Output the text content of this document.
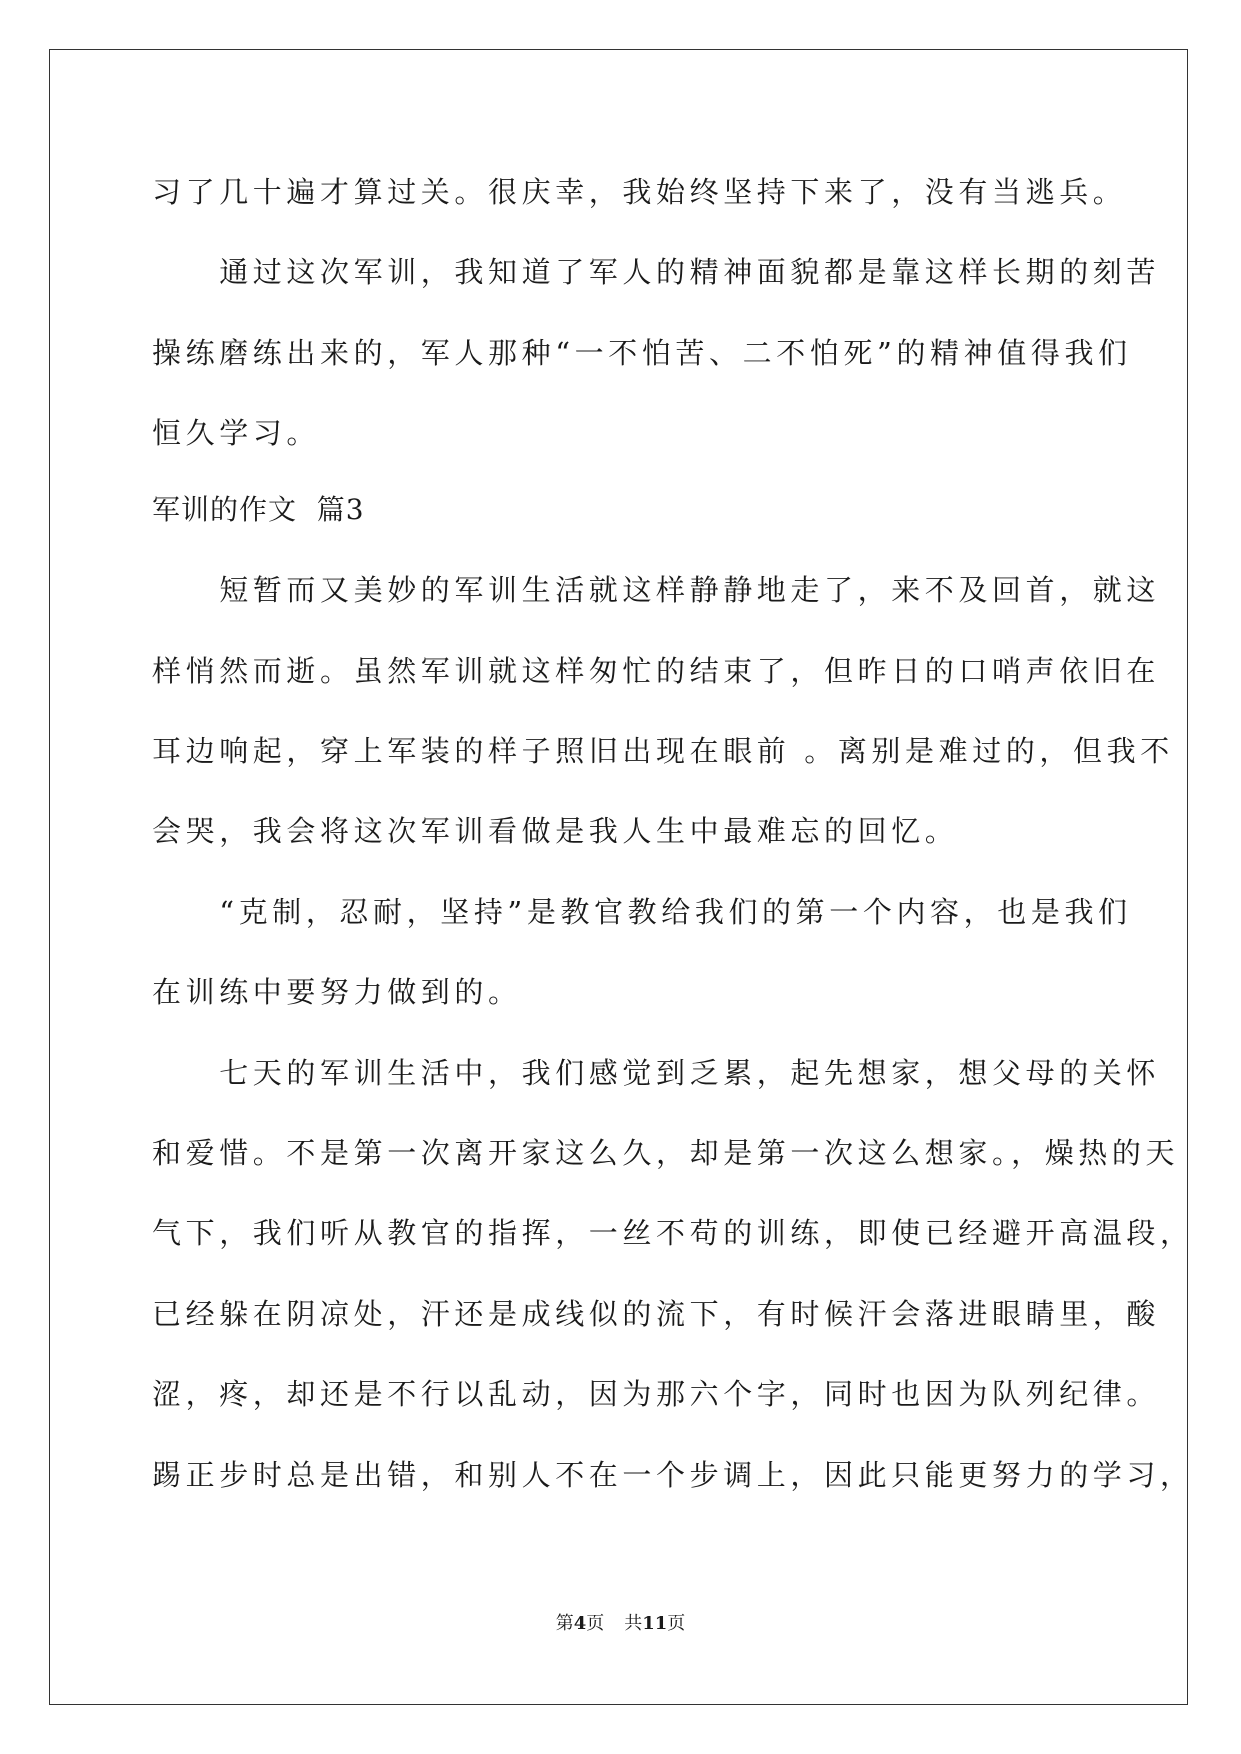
习了几十遍才算过关。很庆幸，我始终坚持下来了，没有当逃兵。
　　通过这次军训，我知道了军人的精神面貌都是靠这样长期的刻苦
操练磨练出来的，军人那种“一不怕苦、二不怕死”的精神值得我们
恒久学习。
军训的作文  篇3
　　短暂而又美妙的军训生活就这样静静地走了，来不及回首，就这
样悄然而逝。虽然军训就这样匆忙的结束了，但昨日的口哨声依旧在
耳边响起，穿上军装的样子照旧出现在眼前 。离别是难过的，但我不
会哭，我会将这次军训看做是我人生中最难忘的回忆。
　　“克制，忍耐，坚持”是教官教给我们的第一个内容，也是我们
在训练中要努力做到的。
　　七天的军训生活中，我们感觉到乏累，起先想家，想父母的关怀
和爱惜。不是第一次离开家这么久，却是第一次这么想家。，燥热的天
气下，我们听从教官的指挥，一丝不苟的训练，即使已经避开高温段，
已经躲在阴凉处，汗还是成线似的流下，有时候汗会落进眼睛里，酸
涩，疼，却还是不行以乱动，因为那六个字，同时也因为队列纪律。
踢正步时总是出错，和别人不在一个步调上，因此只能更努力的学习，
第4页 共11页
